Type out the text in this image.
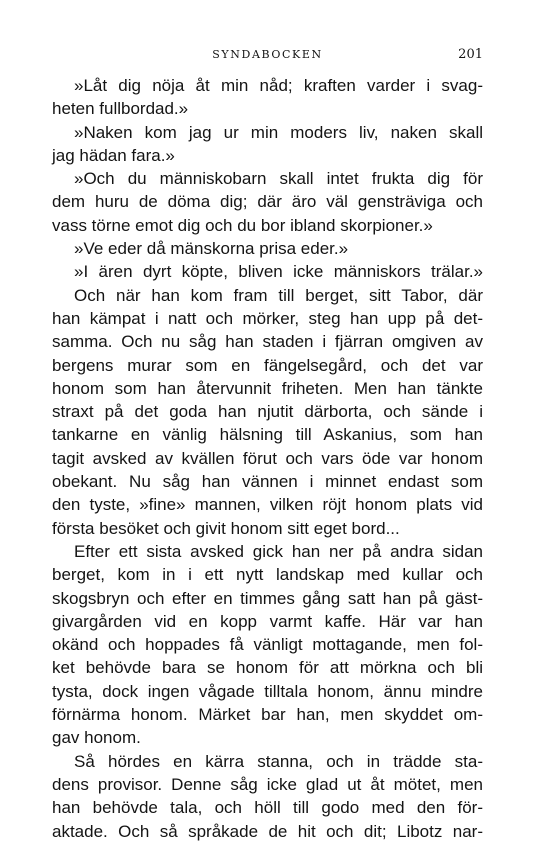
SYNDABOCKEN	201
»Låt dig nöja åt min nåd; kraften varder i svag-
heten fullbordad.»
»Naken kom jag ur min moders liv, naken skall
jag hädan fara.»
»Och du människobarn skall intet frukta dig för
dem huru de döma dig; där äro väl gensträviga och
vass törne emot dig och du bor ibland skorpioner.»
»Ve eder då mänskorna prisa eder.»
»I ären dyrt köpte, bliven icke människors trälar.»
Och när han kom fram till berget, sitt Tabor, där
han kämpat i natt och mörker, steg han upp på det-
samma. Och nu såg han staden i fjärran omgiven av
bergens murar som en fängelsegård, och det var
honom som han återvunnit friheten. Men han tänkte
straxt på det goda han njutit därborta, och sände i
tankarne en vänlig hälsning till Askanius, som han
tagit avsked av kvällen förut och vars öde var honom
obekant. Nu såg han vännen i minnet endast som
den tyste, »fine» mannen, vilken röjt honom plats vid
första besöket och givit honom sitt eget bord...
Efter ett sista avsked gick han ner på andra sidan
berget, kom in i ett nytt landskap med kullar och
skogsbryn och efter en timmes gång satt han på gäst-
givargården vid en kopp varmt kaffe. Här var han
okänd och hoppades få vänligt mottagande, men fol-
ket behövde bara se honom för att mörkna och bli
tysta, dock ingen vågade tilltala honom, ännu mindre
förnärma honom. Märket bar han, men skyddet om-
gav honom.
Så hördes en kärra stanna, och in trädde sta-
dens provisor. Denne såg icke glad ut åt mötet, men
han behövde tala, och höll till godo med den för-
aktade. Och så språkade de hit och dit; Libotz nar-
